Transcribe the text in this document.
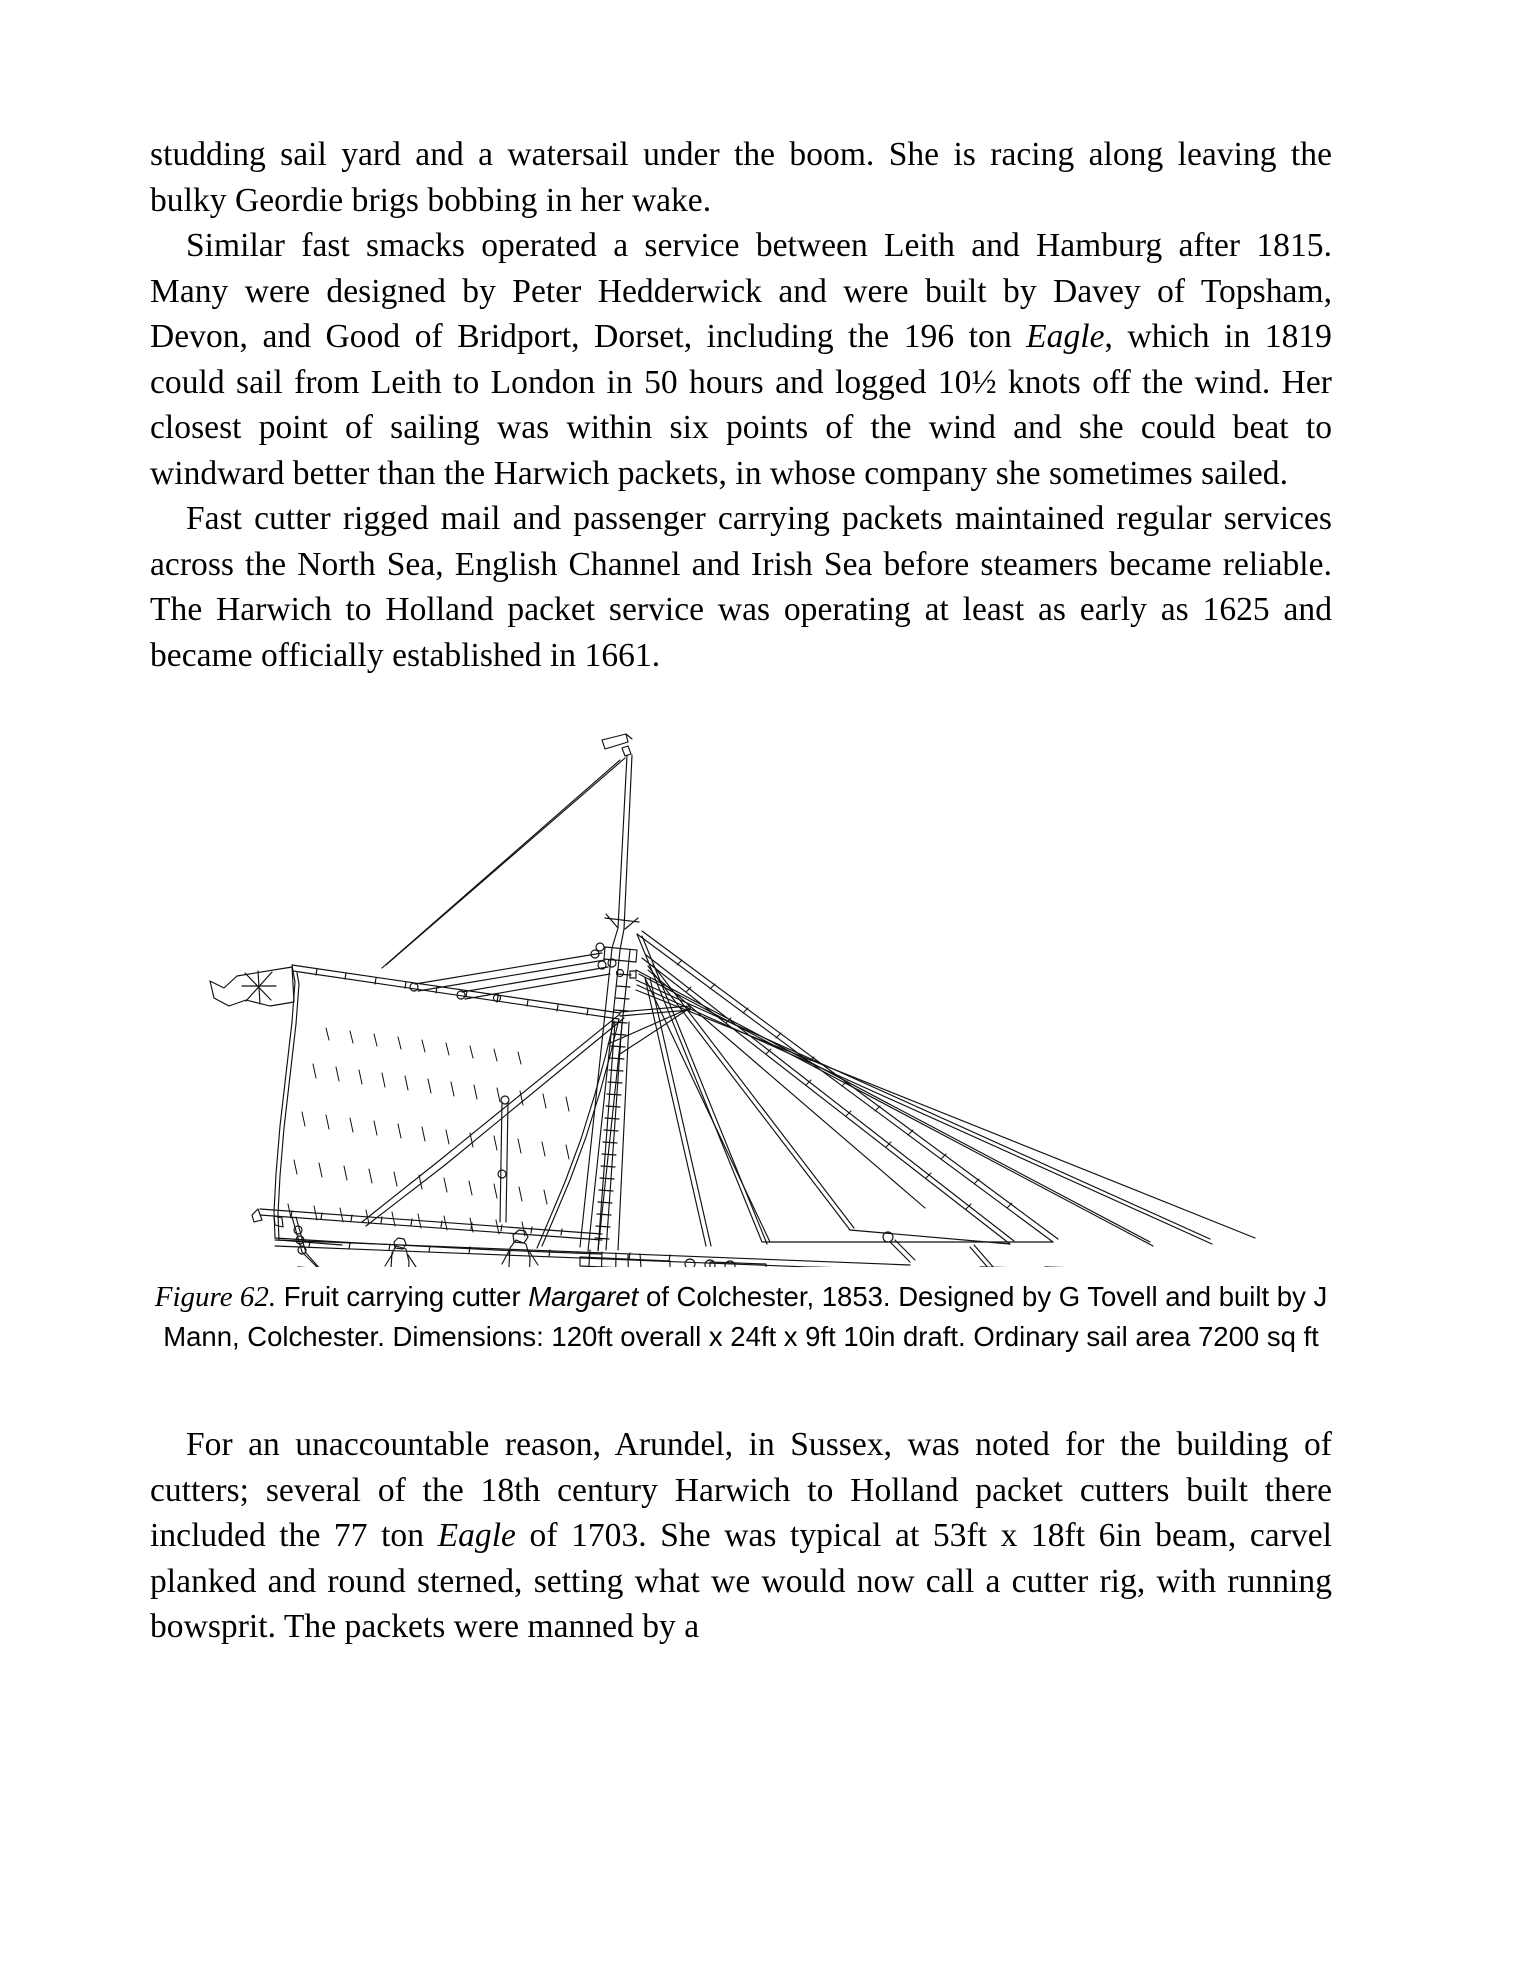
studding sail yard and a watersail under the boom. She is racing along leaving the bulky Geordie brigs bobbing in her wake.

Similar fast smacks operated a service between Leith and Hamburg after 1815. Many were designed by Peter Hedderwick and were built by Davey of Topsham, Devon, and Good of Bridport, Dorset, including the 196 ton Eagle, which in 1819 could sail from Leith to London in 50 hours and logged 10½ knots off the wind. Her closest point of sailing was within six points of the wind and she could beat to windward better than the Harwich packets, in whose company she sometimes sailed.

Fast cutter rigged mail and passenger carrying packets maintained regular services across the North Sea, English Channel and Irish Sea before steamers became reliable. The Harwich to Holland packet service was operating at least as early as 1625 and became officially established in 1661.

Figure 62. Fruit carrying cutter Margaret of Colchester, 1853. Designed by G Tovell and built by J Mann, Colchester. Dimensions: 120ft overall x 24ft x 9ft 10in draft. Ordinary sail area 7200 sq ft

For an unaccountable reason, Arundel, in Sussex, was noted for the building of cutters; several of the 18th century Harwich to Holland packet cutters built there included the 77 ton Eagle of 1703. She was typical at 53ft x 18ft 6in beam, carvel planked and round sterned, setting what we would now call a cutter rig, with running bowsprit. The packets were manned by a
